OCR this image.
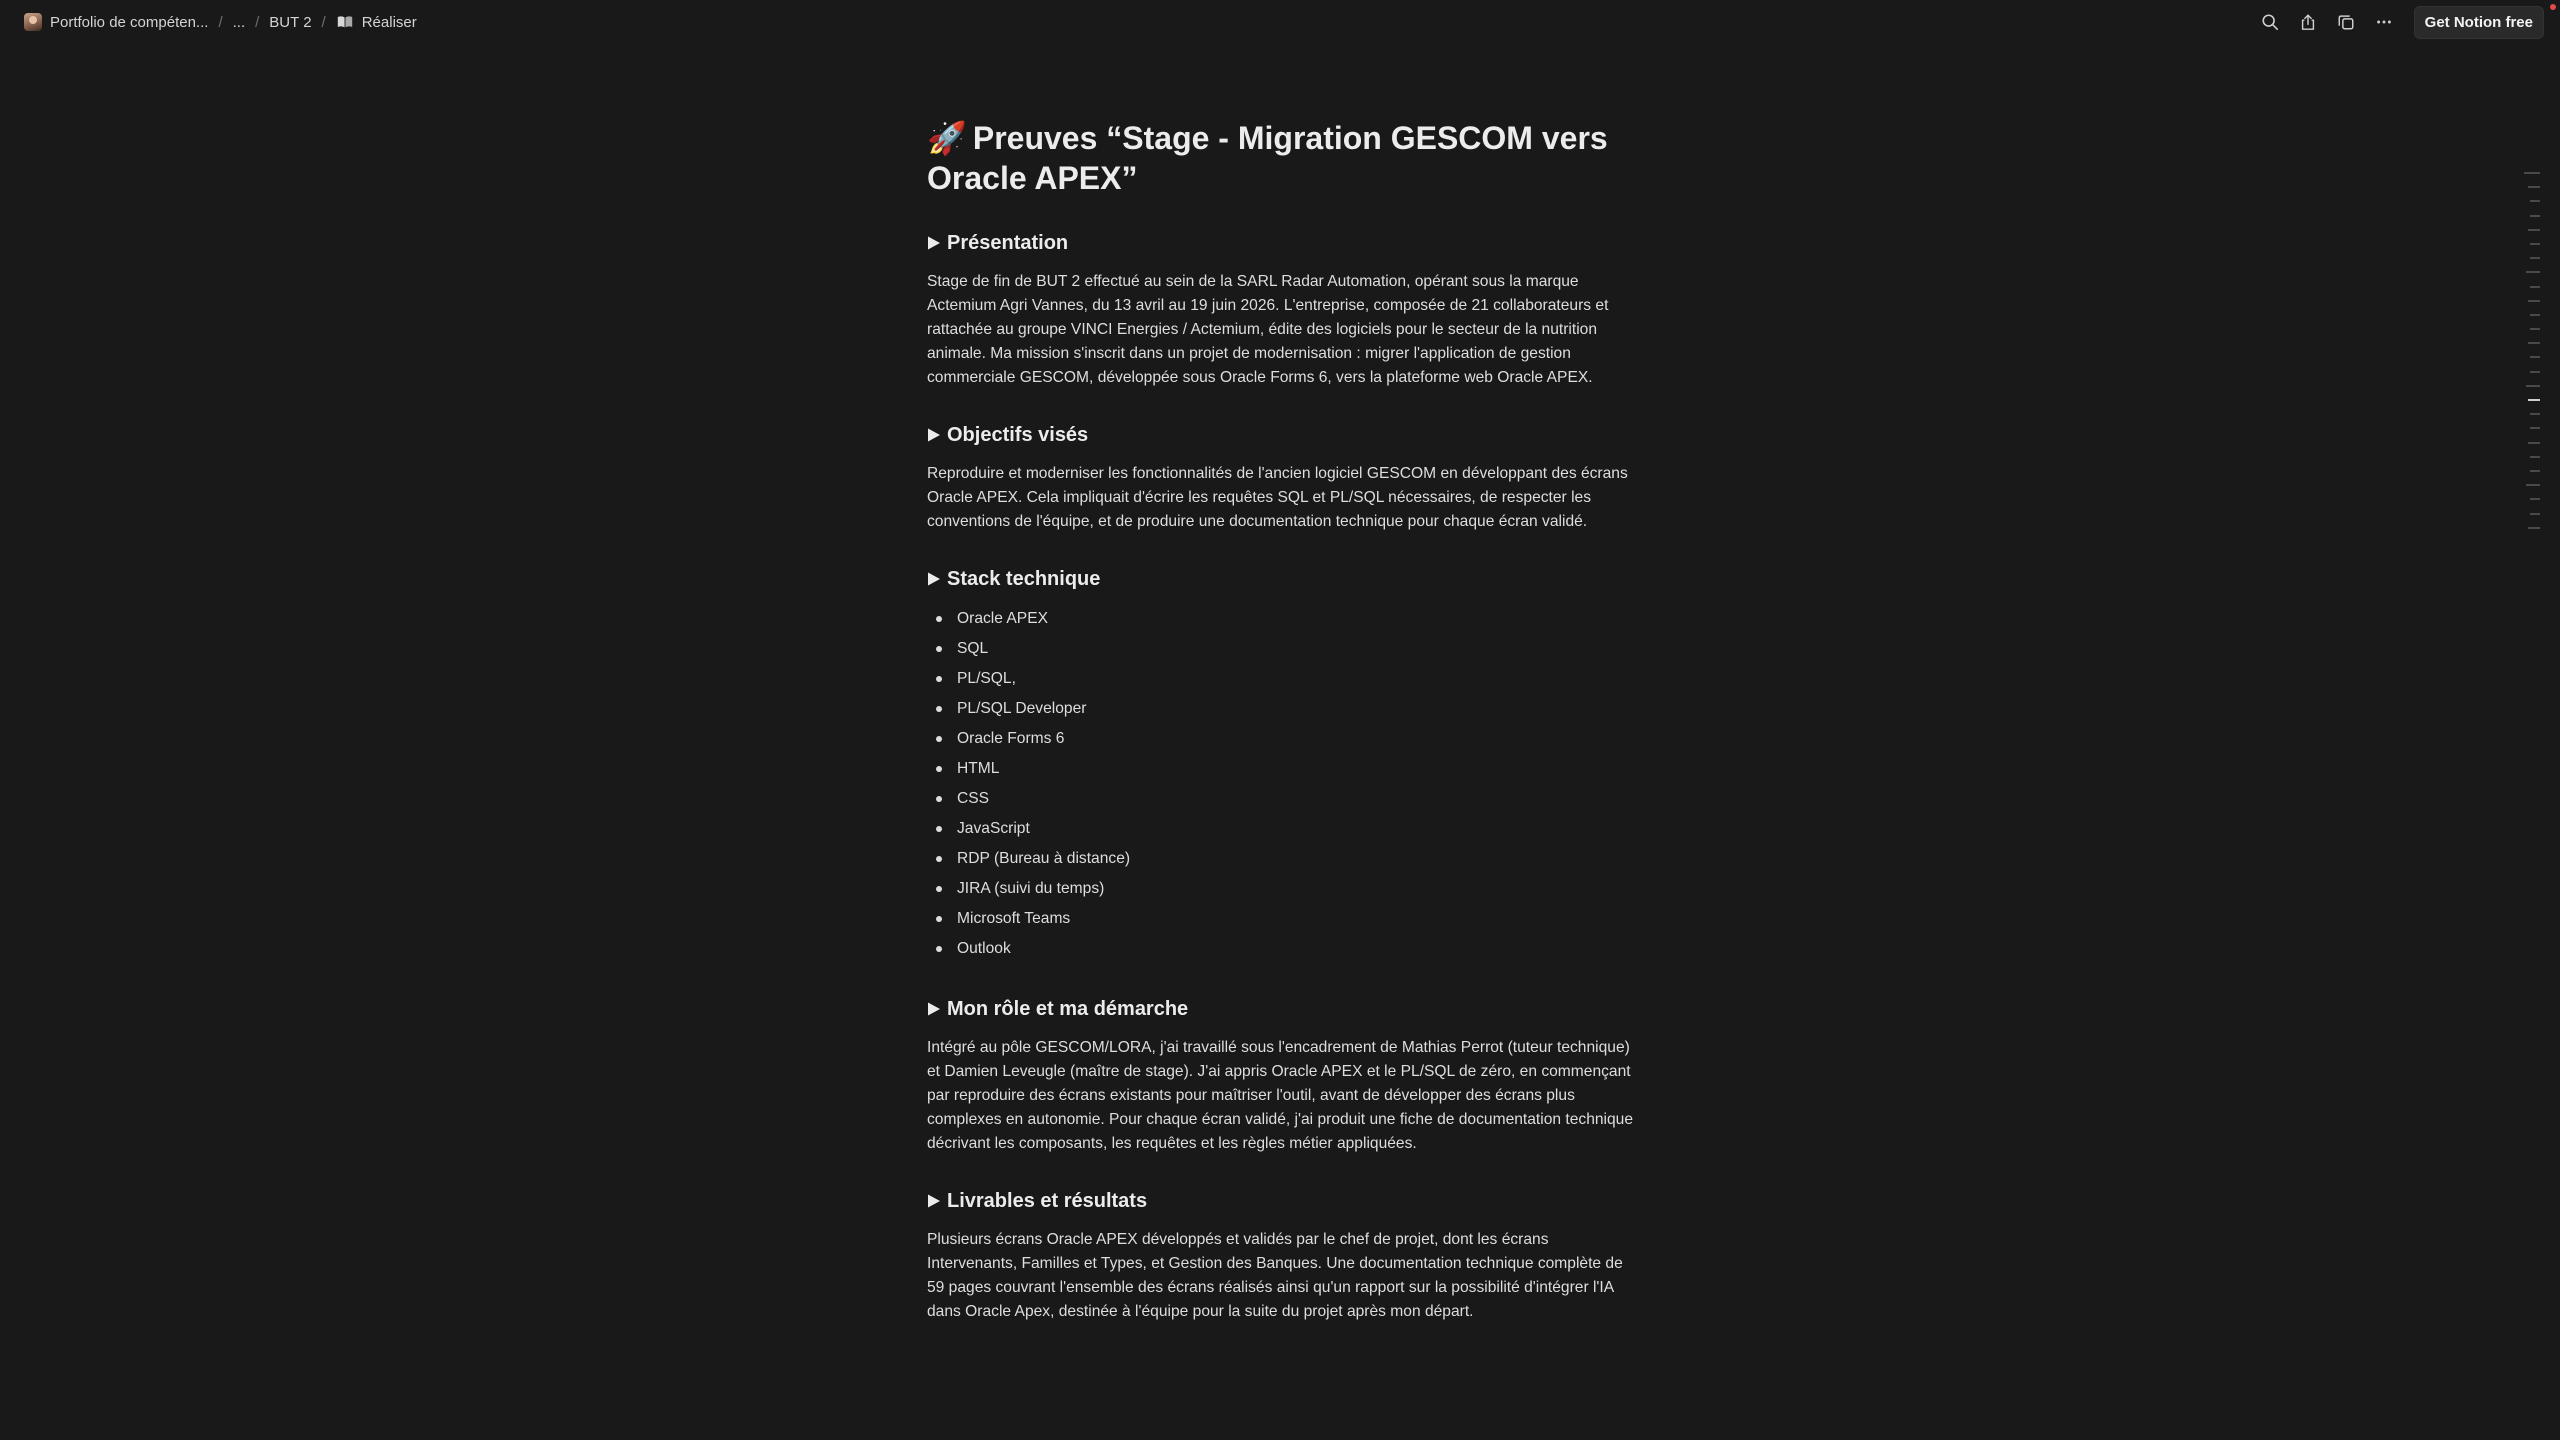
Portfolio de compéten... / ... / BUT 2 / Réaliser	Get Notion free
🚀 Preuves “Stage - Migration GESCOM vers Oracle APEX”
Présentation

Stage de fin de BUT 2 effectué au sein de la SARL Radar Automation, opérant sous la marque Actemium Agri Vannes, du 13 avril au 19 juin 2026. L'entreprise, composée de 21 collaborateurs et rattachée au groupe VINCI Energies / Actemium, édite des logiciels pour le secteur de la nutrition animale. Ma mission s'inscrit dans un projet de modernisation : migrer l'application de gestion commerciale GESCOM, développée sous Oracle Forms 6, vers la plateforme web Oracle APEX.

Objectifs visés

Reproduire et moderniser les fonctionnalités de l'ancien logiciel GESCOM en développant des écrans Oracle APEX. Cela impliquait d'écrire les requêtes SQL et PL/SQL nécessaires, de respecter les conventions de l'équipe, et de produire une documentation technique pour chaque écran validé.

Stack technique
Oracle APEX
SQL
PL/SQL,
PL/SQL Developer
Oracle Forms 6
HTML
CSS
JavaScript
RDP (Bureau à distance)
JIRA (suivi du temps)
Microsoft Teams
Outlook
Mon rôle et ma démarche

Intégré au pôle GESCOM/LORA, j'ai travaillé sous l'encadrement de Mathias Perrot (tuteur technique) et Damien Leveugle (maître de stage). J'ai appris Oracle APEX et le PL/SQL de zéro, en commençant par reproduire des écrans existants pour maîtriser l'outil, avant de développer des écrans plus complexes en autonomie. Pour chaque écran validé, j'ai produit une fiche de documentation technique décrivant les composants, les requêtes et les règles métier appliquées.

Livrables et résultats

Plusieurs écrans Oracle APEX développés et validés par le chef de projet, dont les écrans Intervenants, Familles et Types, et Gestion des Banques. Une documentation technique complète de 59 pages couvrant l'ensemble des écrans réalisés ainsi qu'un rapport sur la possibilité d'intégrer l'IA dans Oracle Apex, destinée à l'équipe pour la suite du projet après mon départ.
